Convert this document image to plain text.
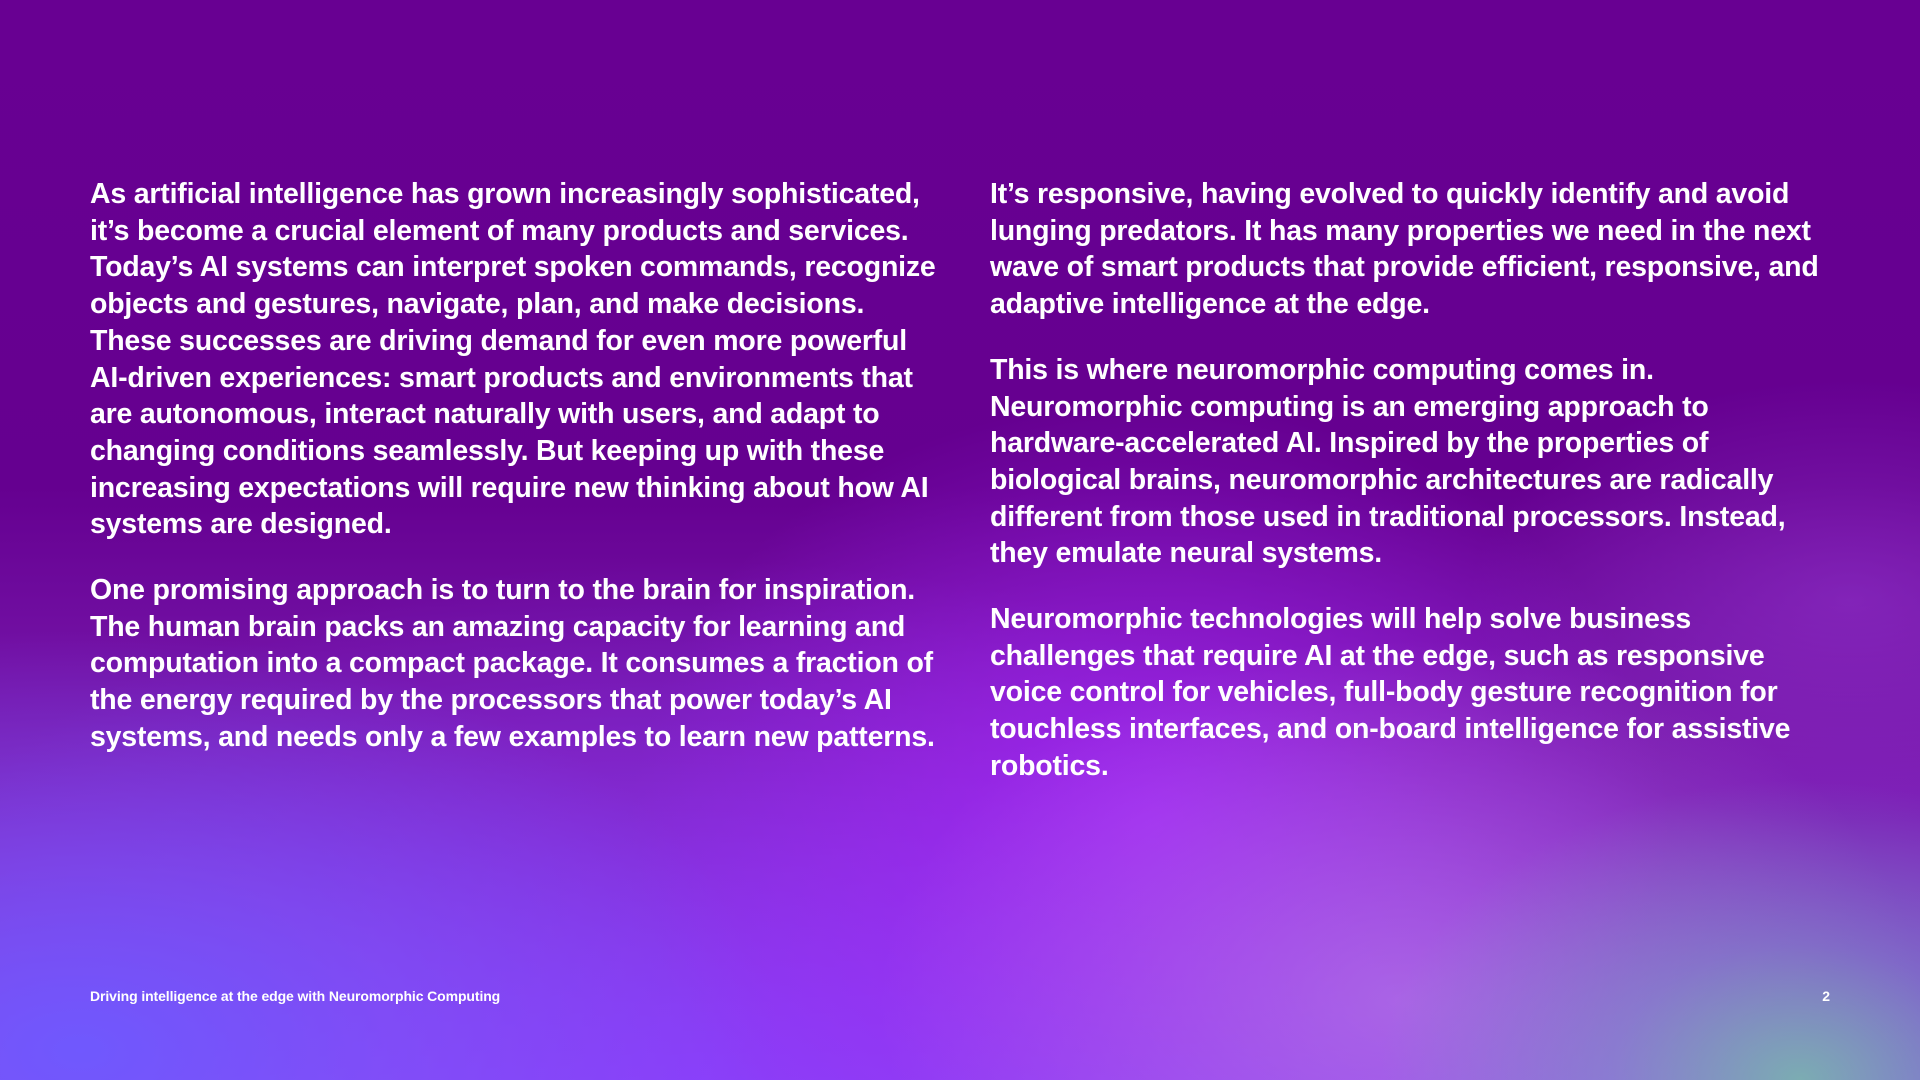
As artificial intelligence has grown increasingly sophisticated, it’s become a crucial element of many products and services. Today’s AI systems can interpret spoken commands, recognize objects and gestures, navigate, plan, and make decisions. These successes are driving demand for even more powerful AI-driven experiences: smart products and environments that are autonomous, interact naturally with users, and adapt to changing conditions seamlessly. But keeping up with these increasing expectations will require new thinking about how AI systems are designed.

One promising approach is to turn to the brain for inspiration. The human brain packs an amazing capacity for learning and computation into a compact package. It consumes a fraction of the energy required by the processors that power today’s AI systems, and needs only a few examples to learn new patterns.

It’s responsive, having evolved to quickly identify and avoid lunging predators. It has many properties we need in the next wave of smart products that provide efficient, responsive, and adaptive intelligence at the edge.

This is where neuromorphic computing comes in. Neuromorphic computing is an emerging approach to hardware-accelerated AI. Inspired by the properties of biological brains, neuromorphic architectures are radically different from those used in traditional processors. Instead, they emulate neural systems.

Neuromorphic technologies will help solve business challenges that require AI at the edge, such as responsive voice control for vehicles, full-body gesture recognition for touchless interfaces, and on-board intelligence for assistive robotics.

Driving intelligence at the edge with Neuromorphic Computing	2
